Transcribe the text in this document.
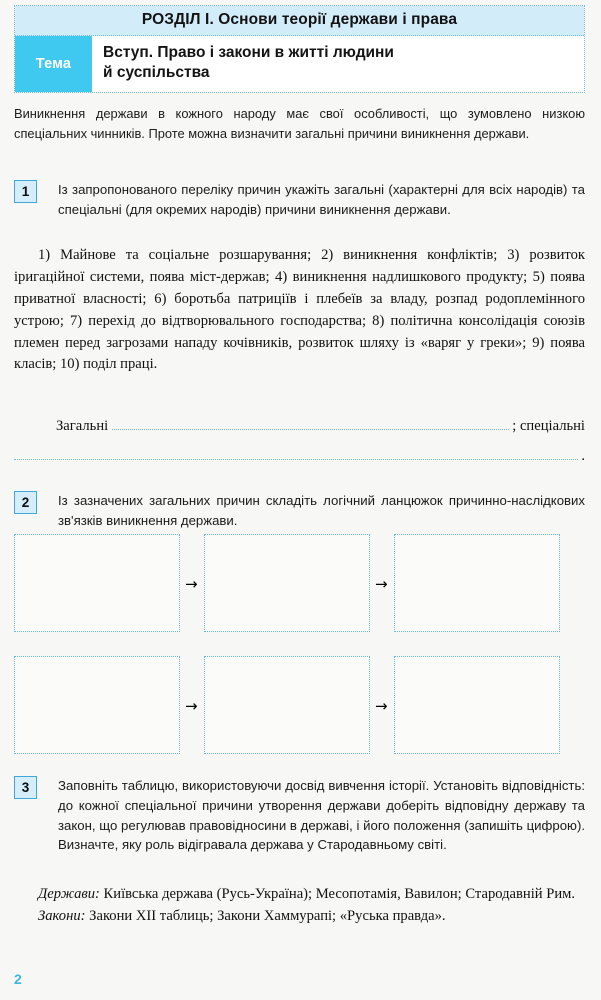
РОЗДІЛ І. Основи теорії держави і права
Тема
Вступ. Право і закони в житті людини
й суспільства
Виникнення держави в кожного народу має свої особливості, що зумовлено низкою спеціальних чинників. Проте можна визначити загальні причини виникнення держави.
1	Із запропонованого переліку причин укажіть загальні (характерні для всіх народів) та спеціальні (для окремих народів) причини виникнення держави.
1) Майнове та соціальне розшарування; 2) виникнення конфліктів; 3) розвиток іригаційної системи, поява міст-держав; 4) виникнення надлишкового продукту; 5) поява приватної власності; 6) боротьба патриціїв і плебеїв за владу, розпад родоплемінного устрою; 7) перехід до відтворювального господарства; 8) політична консолідація союзів племен перед загрозами нападу кочівників, розвиток шляху із «варяг у греки»; 9) поява класів; 10) поділ праці.
Загальні	; спеціальні
.
2	Із зазначених загальних причин складіть логічний ланцюжок причинно-наслідкових зв'язків виникнення держави.
→	→
→	→
3	Заповніть таблицю, використовуючи досвід вивчення історії. Установіть відповідність: до кожної спеціальної причини утворення держави доберіть відповідну державу та закон, що регулював правовідносини в державі, і його положення (запишіть цифрою). Визначте, яку роль відігравала держава у Стародавньому світі.
Держави: Київська держава (Русь-Україна); Месопотамія, Вавилон; Стародавній Рим.
Закони: Закони XII таблиць; Закони Хаммурапі; «Руська правда».
2
